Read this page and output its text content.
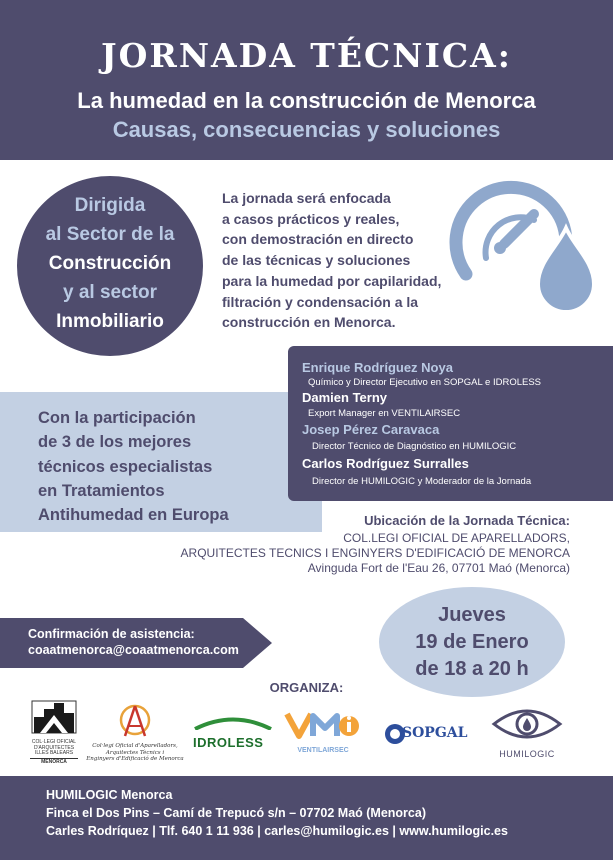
JORNADA TÉCNICA:
La humedad en la construcción de Menorca
Causas, consecuencias y soluciones
Dirigida
al Sector de la
Construcción
y al sector
Inmobiliario
La jornada será enfocada
a casos prácticos y reales,
con demostración en directo
de las técnicas y soluciones
para la humedad por capilaridad,
filtración y condensación a la
construcción en Menorca.
Con la participación
de 3 de los mejores
técnicos especialistas
en Tratamientos
Antihumedad en Europa
Enrique Rodríguez Noya
Químico y Director Ejecutivo en SOPGAL e IDROLESS
Damien Terny
Export Manager en VENTILAIRSEC
Josep Pérez Caravaca
Director Técnico de Diagnóstico en HUMILOGIC
Carlos Rodríguez Surralles
Director de HUMILOGIC y Moderador de la Jornada
Ubicación de la Jornada Técnica:
COL.LEGI OFICIAL DE APARELLADORS,
ARQUITECTES TECNICS I ENGINYERS D'EDIFICACIÓ DE MENORCA
Avinguda Fort de l'Eau 26, 07701 Maó (Menorca)
Jueves
19 de Enero
de 18 a 20 h
Confirmación de asistencia:
coaatmenorca@coaatmenorca.com
ORGANIZA:
COL·LEGI OFICIAL
D'ARQUITECTES
ILLES BALEARS
MENORCA
Col·legi Oficial d'Aparelladors,
Arquitectes Tècnics i
Enginyers d'Edificació de Menorca
IDROLESS
VENTILAIRSEC
SOPGAL
HUMILOGIC
HUMILOGIC Menorca
Finca el Dos Pins – Camí de Trepucó s/n – 07702 Maó (Menorca)
Carles Rodríquez | Tlf. 640 1 11 936 | carles@humilogic.es | www.humilogic.es
